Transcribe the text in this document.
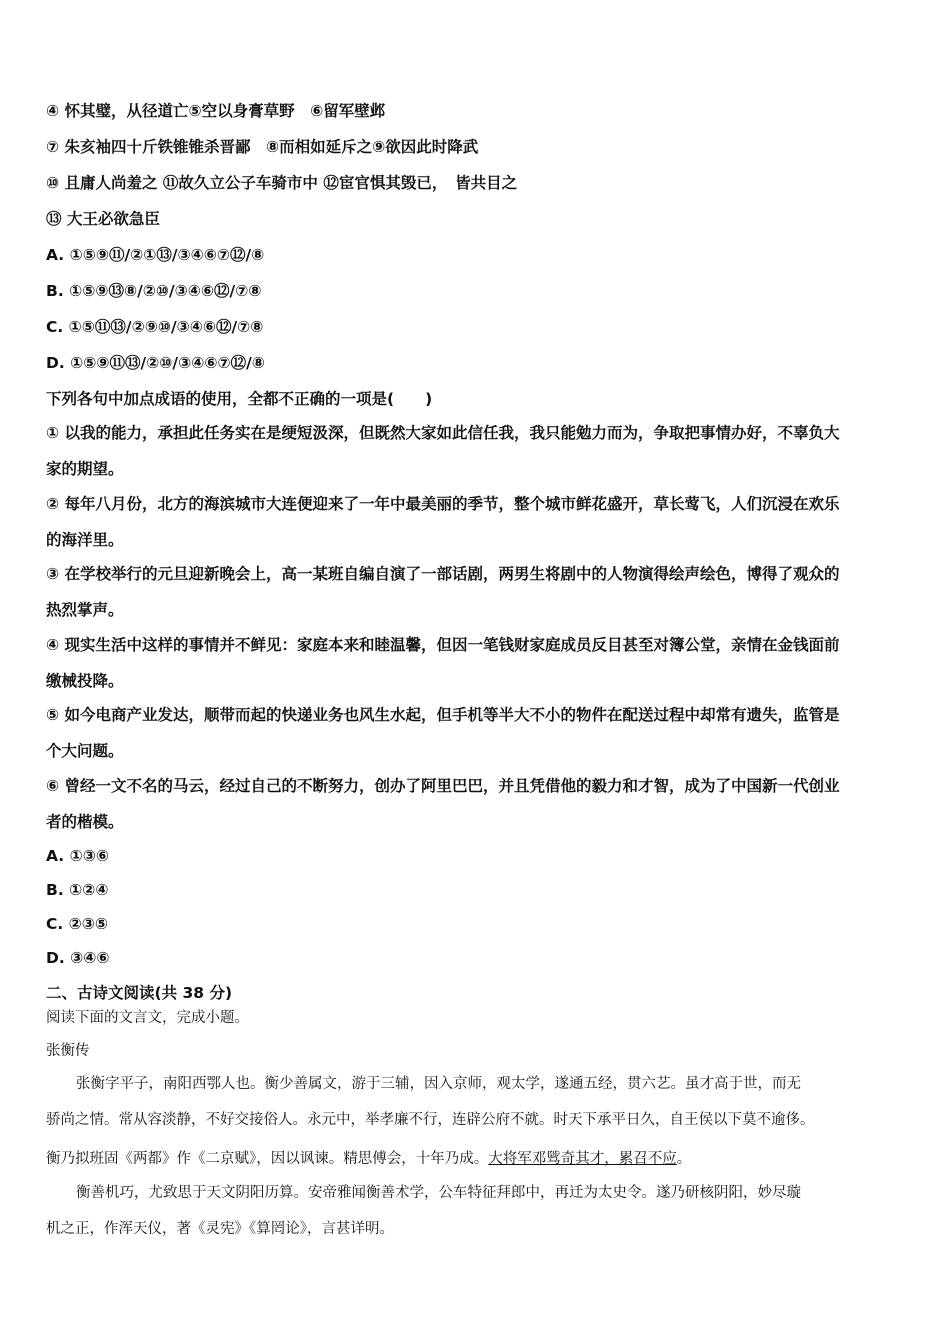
④ 怀其璧，从径道亡⑤空以身膏草野　⑥留军壁邺
⑦ 朱亥袖四十斤铁锥锥杀晋鄙　⑧而相如延斥之⑨欲因此时降武
⑩ 且庸人尚羞之 ⑪故久立公子车骑市中 ⑫宦官惧其毁已，　皆共目之
⑬ 大王必欲急臣
A. ①⑤⑨⑪/②①⑬/③④⑥⑦⑫/⑧
B. ①⑤⑨⑬⑧/②⑩/③④⑥⑫/⑦⑧
C. ①⑤⑪⑬/②⑨⑩/③④⑥⑫/⑦⑧
D. ①⑤⑨⑪⑬/②⑩/③④⑥⑦⑫/⑧
下列各句中加点成语的使用，全都不正确的一项是(　　)
① 以我的能力，承担此任务实在是绠短汲深，但既然大家如此信任我，我只能勉力而为，争取把事情办好，不辜负大
家的期望。
② 每年八月份，北方的海滨城市大连便迎来了一年中最美丽的季节，整个城市鲜花盛开，草长莺飞，人们沉浸在欢乐
的海洋里。
③ 在学校举行的元旦迎新晚会上，高一某班自编自演了一部话剧，两男生将剧中的人物演得绘声绘色，博得了观众的
热烈掌声。
④ 现实生活中这样的事情并不鲜见：家庭本来和睦温馨，但因一笔钱财家庭成员反目甚至对簿公堂，亲情在金钱面前
缴械投降。
⑤ 如今电商产业发达，顺带而起的快递业务也风生水起，但手机等半大不小的物件在配送过程中却常有遗失，监管是
个大问题。
⑥ 曾经一文不名的马云，经过自己的不断努力，创办了阿里巴巴，并且凭借他的毅力和才智，成为了中国新一代创业
者的楷模。
A. ①③⑥
B. ①②④
C. ②③⑤
D. ③④⑥
二、古诗文阅读(共 38 分)
阅读下面的文言文，完成小题。
张衡传
张衡字平子，南阳西鄂人也。衡少善属文，游于三辅，因入京师，观太学，遂通五经，贯六艺。虽才高于世，而无
骄尚之情。常从容淡静，不好交接俗人。永元中，举孝廉不行，连辟公府不就。时天下承平日久，自王侯以下莫不逾侈。
衡乃拟班固《两都》作《二京赋》，因以讽谏。精思傅会，十年乃成。大将军邓骘奇其才，累召不应。
衡善机巧，尤致思于天文阴阳历算。安帝雅闻衡善术学，公车特征拜郎中，再迁为太史令。遂乃研核阴阳，妙尽璇
机之正，作浑天仪，著《灵宪》《算罔论》，言甚详明。
